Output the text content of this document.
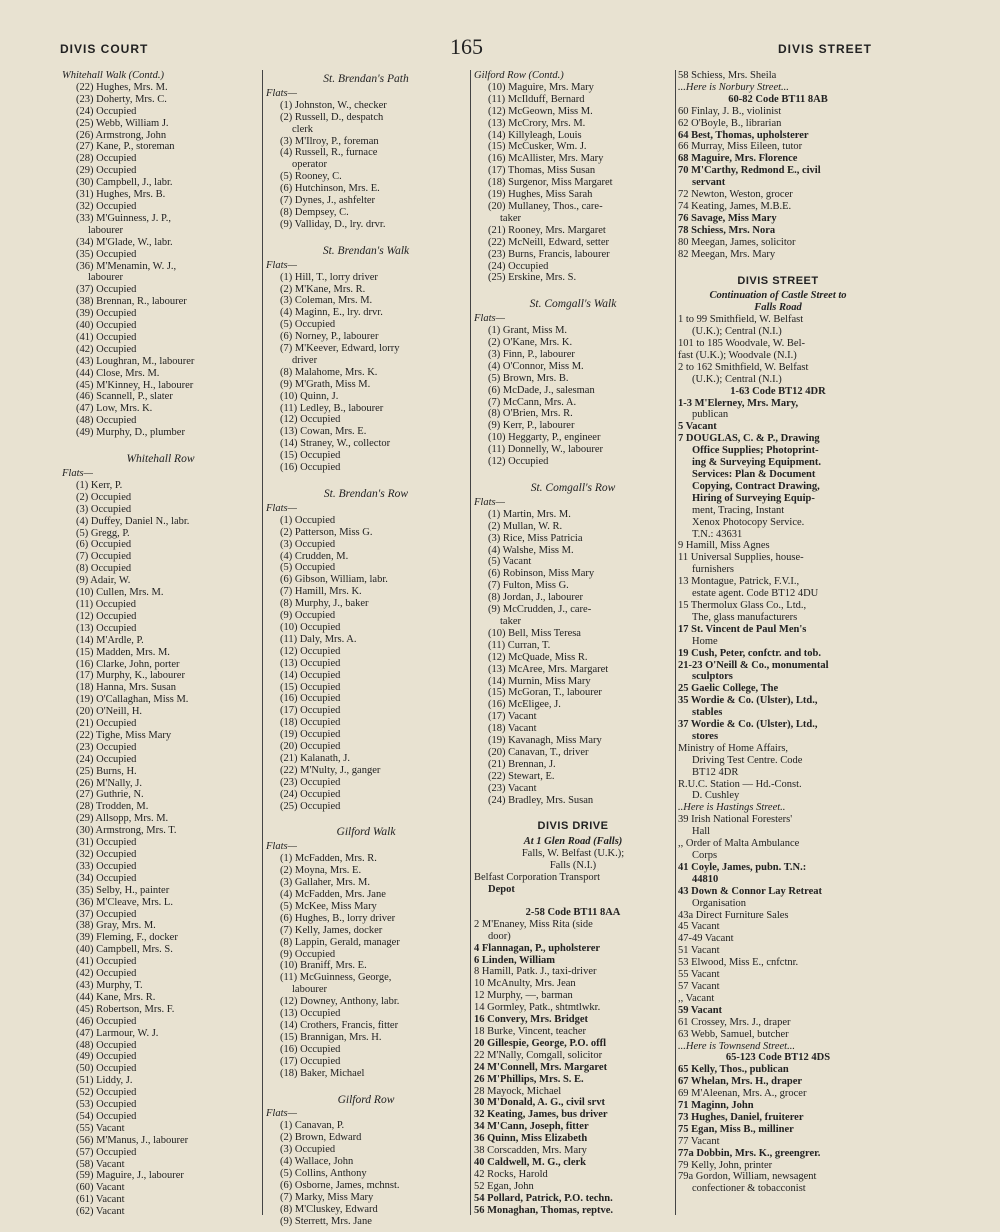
DIVIS COURT	165	DIVIS STREET
Whitehall Walk (Contd.)
(22) Hughes, Mrs. M.
(23) Doherty, Mrs. C.
(24) Occupied
(25) Webb, William J.
(26) Armstrong, John
(27) Kane, P., storeman
(28) Occupied
(29) Occupied
(30) Campbell, J., labr.
(31) Hughes, Mrs. B.
(32) Occupied
(33) M'Guinness, J. P.,
labourer
(34) M'Glade, W., labr.
(35) Occupied
(36) M'Menamin, W. J.,
labourer
(37) Occupied
(38) Brennan, R., labourer
(39) Occupied
(40) Occupied
(41) Occupied
(42) Occupied
(43) Loughran, M., labourer
(44) Close, Mrs. M.
(45) M'Kinney, H., labourer
(46) Scannell, P., slater
(47) Low, Mrs. K.
(48) Occupied
(49) Murphy, D., plumber
Whitehall Row
Flats—
(1) Kerr, P.
(2) Occupied
(3) Occupied
(4) Duffey, Daniel N., labr.
(5) Gregg, P.
(6) Occupied
(7) Occupied
(8) Occupied
(9) Adair, W.
(10) Cullen, Mrs. M.
(11) Occupied
(12) Occupied
(13) Occupied
(14) M'Ardle, P.
(15) Madden, Mrs. M.
(16) Clarke, John, porter
(17) Murphy, K., labourer
(18) Hanna, Mrs. Susan
(19) O'Callaghan, Miss M.
(20) O'Neill, H.
(21) Occupied
(22) Tighe, Miss Mary
(23) Occupied
(24) Occupied
(25) Burns, H.
(26) M'Nally, J.
(27) Guthrie, N.
(28) Trodden, M.
(29) Allsopp, Mrs. M.
(30) Armstrong, Mrs. T.
(31) Occupied
(32) Occupied
(33) Occupied
(34) Occupied
(35) Selby, H., painter
(36) M'Cleave, Mrs. L.
(37) Occupied
(38) Gray, Mrs. M.
(39) Fleming, F., docker
(40) Campbell, Mrs. S.
(41) Occupied
(42) Occupied
(43) Murphy, T.
(44) Kane, Mrs. R.
(45) Robertson, Mrs. F.
(46) Occupied
(47) Larmour, W. J.
(48) Occupied
(49) Occupied
(50) Occupied
(51) Liddy, J.
(52) Occupied
(53) Occupied
(54) Occupied
(55) Vacant
(56) M'Manus, J., labourer
(57) Occupied
(58) Vacant
(59) Maguire, J., labourer
(60) Vacant
(61) Vacant
(62) Vacant
St. Brendan's Path
Flats—
(1) Johnston, W., checker
(2) Russell, D., despatch
clerk
(3) M'Ilroy, P., foreman
(4) Russell, R., furnace
operator
(5) Rooney, C.
(6) Hutchinson, Mrs. E.
(7) Dynes, J., ashfelter
(8) Dempsey, C.
(9) Valliday, D., lry. drvr.
St. Brendan's Walk
Flats—
(1) Hill, T., lorry driver
(2) M'Kane, Mrs. R.
(3) Coleman, Mrs. M.
(4) Maginn, E., lry. drvr.
(5) Occupied
(6) Norney, P., labourer
(7) M'Keever, Edward, lorry
driver
(8) Malahome, Mrs. K.
(9) M'Grath, Miss M.
(10) Quinn, J.
(11) Ledley, B., labourer
(12) Occupied
(13) Cowan, Mrs. E.
(14) Straney, W., collector
(15) Occupied
(16) Occupied
St. Brendan's Row
Flats—
(1) Occupied
(2) Patterson, Miss G.
(3) Occupied
(4) Crudden, M.
(5) Occupied
(6) Gibson, William, labr.
(7) Hamill, Mrs. K.
(8) Murphy, J., baker
(9) Occupied
(10) Occupied
(11) Daly, Mrs. A.
(12) Occupied
(13) Occupied
(14) Occupied
(15) Occupied
(16) Occupied
(17) Occupied
(18) Occupied
(19) Occupied
(20) Occupied
(21) Kalanath, J.
(22) M'Nulty, J., ganger
(23) Occupied
(24) Occupied
(25) Occupied
Gilford Walk
Flats—
(1) McFadden, Mrs. R.
(2) Moyna, Mrs. E.
(3) Gallaher, Mrs. M.
(4) McFadden, Mrs. Jane
(5) McKee, Miss Mary
(6) Hughes, B., lorry driver
(7) Kelly, James, docker
(8) Lappin, Gerald, manager
(9) Occupied
(10) Braniff, Mrs. E.
(11) McGuinness, George,
labourer
(12) Downey, Anthony, labr.
(13) Occupied
(14) Crothers, Francis, fitter
(15) Brannigan, Mrs. H.
(16) Occupied
(17) Occupied
(18) Baker, Michael
Gilford Row
Flats—
(1) Canavan, P.
(2) Brown, Edward
(3) Occupied
(4) Wallace, John
(5) Collins, Anthony
(6) Osborne, James, mchnst.
(7) Marky, Miss Mary
(8) M'Cluskey, Edward
(9) Sterrett, Mrs. Jane
Gilford Row (Contd.)
(10) Maguire, Mrs. Mary
(11) McIlduff, Bernard
(12) McGeown, Miss M.
(13) McCrory, Mrs. M.
(14) Killyleagh, Louis
(15) McCusker, Wm. J.
(16) McAllister, Mrs. Mary
(17) Thomas, Miss Susan
(18) Surgenor, Miss Margaret
(19) Hughes, Miss Sarah
(20) Mullaney, Thos., care-
taker
(21) Rooney, Mrs. Margaret
(22) McNeill, Edward, setter
(23) Burns, Francis, labourer
(24) Occupied
(25) Erskine, Mrs. S.
St. Comgall's Walk
Flats—
(1) Grant, Miss M.
(2) O'Kane, Mrs. K.
(3) Finn, P., labourer
(4) O'Connor, Miss M.
(5) Brown, Mrs. B.
(6) McDade, J., salesman
(7) McCann, Mrs. A.
(8) O'Brien, Mrs. R.
(9) Kerr, P., labourer
(10) Heggarty, P., engineer
(11) Donnelly, W., labourer
(12) Occupied
St. Comgall's Row
Flats—
(1) Martin, Mrs. M.
(2) Mullan, W. R.
(3) Rice, Miss Patricia
(4) Walshe, Miss M.
(5) Vacant
(6) Robinson, Miss Mary
(7) Fulton, Miss G.
(8) Jordan, J., labourer
(9) McCrudden, J., care-
taker
(10) Bell, Miss Teresa
(11) Curran, T.
(12) McQuade, Miss R.
(13) McAree, Mrs. Margaret
(14) Murnin, Miss Mary
(15) McGoran, T., labourer
(16) McEligee, J.
(17) Vacant
(18) Vacant
(19) Kavanagh, Miss Mary
(20) Canavan, T., driver
(21) Brennan, J.
(22) Stewart, E.
(23) Vacant
(24) Bradley, Mrs. Susan
DIVIS DRIVE
At 1 Glen Road (Falls)
Falls, W. Belfast (U.K.);
Falls (N.I.)
Belfast Corporation Transport
Depot
2-58 Code BT11 8AA
2 M'Enaney, Miss Rita (side
door)
4 Flannagan, P., upholsterer
6 Linden, William
8 Hamill, Patk. J., taxi-driver
10 McAnulty, Mrs. Jean
12 Murphy, —, barman
14 Gormley, Patk., shtmtlwkr.
16 Convery, Mrs. Bridget
18 Burke, Vincent, teacher
20 Gillespie, George, P.O. offl
22 M'Nally, Comgall, solicitor
24 M'Connell, Mrs. Margaret
26 M'Phillips, Mrs. S. E.
28 Mayock, Michael
30 M'Donald, A. G., civil srvt
32 Keating, James, bus driver
34 M'Cann, Joseph, fitter
36 Quinn, Miss Elizabeth
38 Corscadden, Mrs. Mary
40 Caldwell, M. G., clerk
42 Rocks, Harold
52 Egan, John
54 Pollard, Patrick, P.O. techn.
56 Monaghan, Thomas, reptve.
58 Schiess, Mrs. Sheila
...Here is Norbury Street...
60-82 Code BT11 8AB
60 Finlay, J. B., violinist
62 O'Boyle, B., librarian
64 Best, Thomas, upholsterer
66 Murray, Miss Eileen, tutor
68 Maguire, Mrs. Florence
70 M'Carthy, Redmond E., civil
servant
72 Newton, Weston, grocer
74 Keating, James, M.B.E.
76 Savage, Miss Mary
78 Schiess, Mrs. Nora
80 Meegan, James, solicitor
82 Meegan, Mrs. Mary
DIVIS STREET
Continuation of Castle Street to
Falls Road
1 to 99 Smithfield, W. Belfast
(U.K.); Central (N.I.)
101 to 185 Woodvale, W. Bel-
fast (U.K.); Woodvale (N.I.)
2 to 162 Smithfield, W. Belfast
(U.K.); Central (N.I.)
1-63 Code BT12 4DR
1-3 M'Elerney, Mrs. Mary,
publican
5 Vacant
7 DOUGLAS, C. & P., Drawing
Office Supplies; Photoprint-
ing & Surveying Equipment.
Services: Plan & Document
Copying, Contract Drawing,
Hiring of Surveying Equip-
ment, Tracing, Instant
Xenox Photocopy Service.
T.N.: 43631
9 Hamill, Miss Agnes
11 Universal Supplies, house-
furnishers
13 Montague, Patrick, F.V.I.,
estate agent. Code BT12 4DU
15 Thermolux Glass Co., Ltd.,
The, glass manufacturers
17 St. Vincent de Paul Men's
Home
19 Cush, Peter, confctr. and tob.
21-23 O'Neill & Co., monumental
sculptors
25 Gaelic College, The
35 Wordie & Co. (Ulster), Ltd.,
stables
37 Wordie & Co. (Ulster), Ltd.,
stores
Ministry of Home Affairs,
Driving Test Centre. Code
BT12 4DR
R.U.C. Station — Hd.-Const.
D. Cushley
..Here is Hastings Street..
39 Irish National Foresters'
Hall
,, Order of Malta Ambulance
Corps
41 Coyle, James, pubn. T.N.:
44810
43 Down & Connor Lay Retreat
Organisation
43a Direct Furniture Sales
45 Vacant
47-49 Vacant
51 Vacant
53 Elwood, Miss E., cnfctnr.
55 Vacant
57 Vacant
,, Vacant
59 Vacant
61 Crossey, Mrs. J., draper
63 Webb, Samuel, butcher
...Here is Townsend Street...
65-123 Code BT12 4DS
65 Kelly, Thos., publican
67 Whelan, Mrs. H., draper
69 M'Aleenan, Mrs. A., grocer
71 Maginn, John
73 Hughes, Daniel, fruiterer
75 Egan, Miss B., milliner
77 Vacant
77a Dobbin, Mrs. K., greengrer.
79 Kelly, John, printer
79a Gordon, William, newsagent
confectioner & tobacconist
